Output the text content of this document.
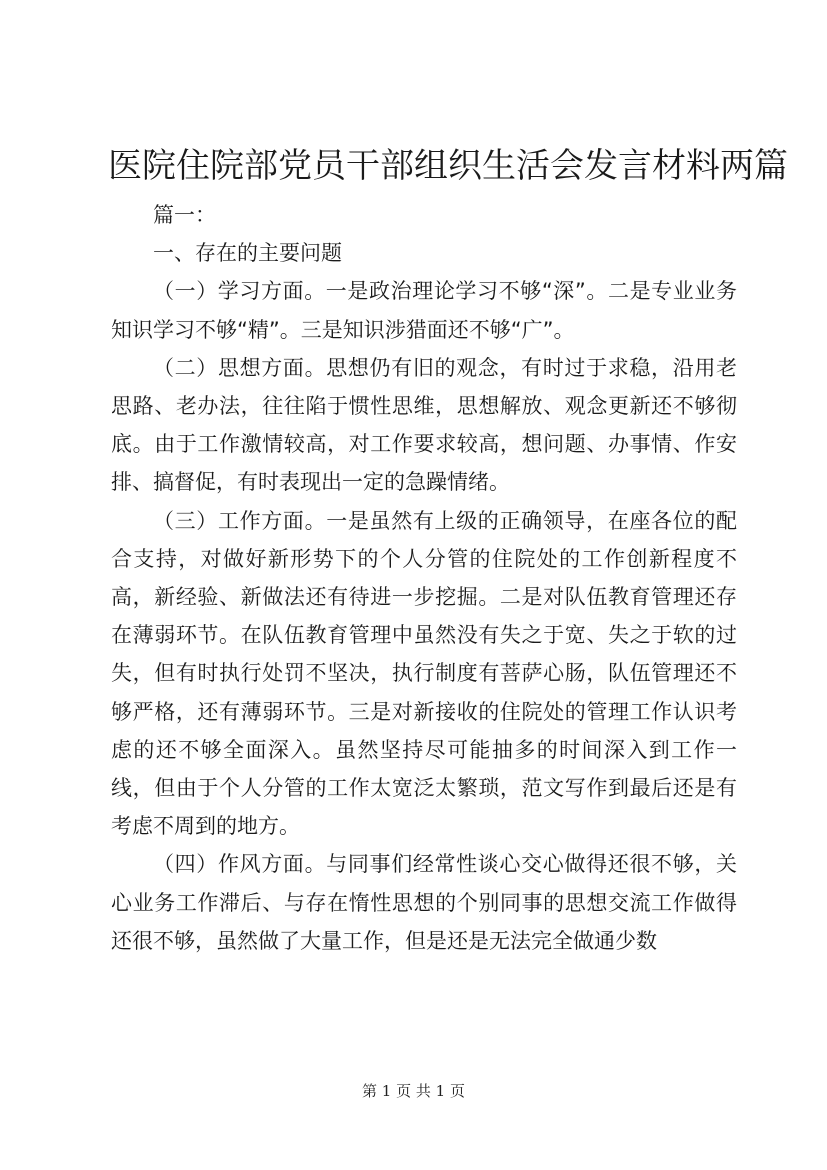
医院住院部党员干部组织生活会发言材料两篇

篇一：

一、存在的主要问题

（一）学习方面。一是政治理论学习不够“深”。二是专业业务知识学习不够“精”。三是知识涉猎面还不够“广”。

（二）思想方面。思想仍有旧的观念，有时过于求稳，沿用老思路、老办法，往往陷于惯性思维，思想解放、观念更新还不够彻底。由于工作激情较高，对工作要求较高，想问题、办事情、作安排、搞督促，有时表现出一定的急躁情绪。

（三）工作方面。一是虽然有上级的正确领导，在座各位的配合支持，对做好新形势下的个人分管的住院处的工作创新程度不高，新经验、新做法还有待进一步挖掘。二是对队伍教育管理还存在薄弱环节。在队伍教育管理中虽然没有失之于宽、失之于软的过失，但有时执行处罚不坚决，执行制度有菩萨心肠，队伍管理还不够严格，还有薄弱环节。三是对新接收的住院处的管理工作认识考虑的还不够全面深入。虽然坚持尽可能抽多的时间深入到工作一线，但由于个人分管的工作太宽泛太繁琐，范文写作到最后还是有考虑不周到的地方。

（四）作风方面。与同事们经常性谈心交心做得还很不够，关心业务工作滞后、与存在惰性思想的个别同事的思想交流工作做得还很不够，虽然做了大量工作，但是还是无法完全做通少数

第 1 页 共 1 页
